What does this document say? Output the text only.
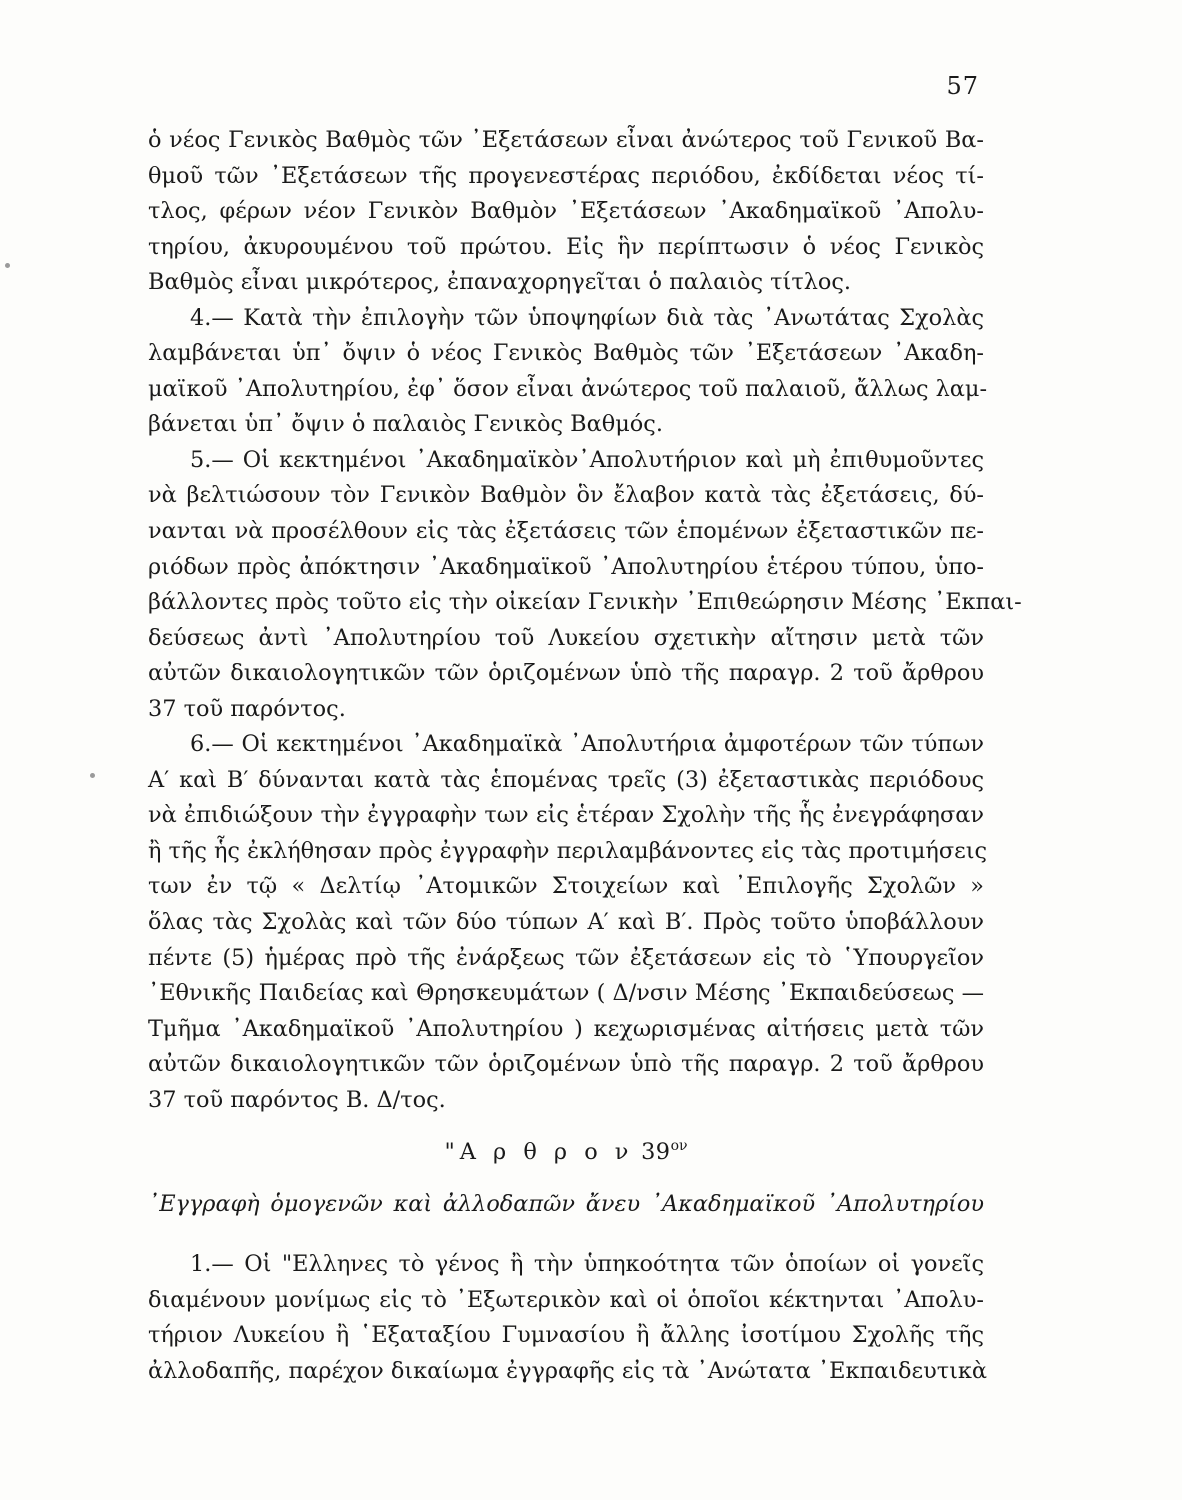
57
ὁ νέος Γενικὸς Βαθμὸς τῶν ᾿Εξετάσεων εἶναι ἀνώτερος τοῦ Γενικοῦ Βα-
θμοῦ τῶν ᾿Εξετάσεων τῆς προγενεστέρας περιόδου, ἐκδίδεται νέος τί-
τλος, φέρων νέον Γενικὸν Βαθμὸν ᾿Εξετάσεων ᾿Ακαδημαϊκοῦ ᾿Απολυ-
τηρίου, ἀκυρουμένου τοῦ πρώτου. Εἰς ἣν περίπτωσιν ὁ νέος Γενικὸς
Βαθμὸς εἶναι μικρότερος, ἐπαναχορηγεῖται ὁ παλαιὸς τίτλος.
4.— Κατὰ τὴν ἐπιλογὴν τῶν ὑποψηφίων διὰ τὰς ᾿Ανωτάτας Σχολὰς
λαμβάνεται ὑπ᾿ ὄψιν ὁ νέος Γενικὸς Βαθμὸς τῶν ᾿Εξετάσεων ᾿Ακαδη-
μαϊκοῦ ᾿Απολυτηρίου, ἐφ᾿ ὅσον εἶναι ἀνώτερος τοῦ παλαιοῦ, ἄλλως λαμ-
βάνεται ὑπ᾿ ὄψιν ὁ παλαιὸς Γενικὸς Βαθμός.
5.— Οἱ κεκτημένοι ᾿Ακαδημαϊκὸν᾿Απολυτήριον καὶ μὴ ἐπιθυμοῦντες
νὰ βελτιώσουν τὸν Γενικὸν Βαθμὸν ὃν ἔλαβον κατὰ τὰς ἐξετάσεις, δύ-
νανται νὰ προσέλθουν εἰς τὰς ἐξετάσεις τῶν ἑπομένων ἐξεταστικῶν πε-
ριόδων πρὸς ἀπόκτησιν ᾿Ακαδημαϊκοῦ ᾿Απολυτηρίου ἑτέρου τύπου, ὑπο-
βάλλοντες πρὸς τοῦτο εἰς τὴν οἰκείαν Γενικὴν ᾿Επιθεώρησιν Μέσης ᾿Εκπαι-
δεύσεως ἀντὶ ᾿Απολυτηρίου τοῦ Λυκείου σχετικὴν αἴτησιν μετὰ τῶν
αὐτῶν δικαιολογητικῶν τῶν ὁριζομένων ὑπὸ τῆς παραγρ. 2 τοῦ ἄρθρου
37 τοῦ παρόντος.
6.— Οἱ κεκτημένοι ᾿Ακαδημαϊκὰ ᾿Απολυτήρια ἀμφοτέρων τῶν τύπων
Α′ καὶ Β′ δύνανται κατὰ τὰς ἑπομένας τρεῖς (3) ἐξεταστικὰς περιόδους
νὰ ἐπιδιώξουν τὴν ἐγγραφὴν των εἰς ἑτέραν Σχολὴν τῆς ἧς ἐνεγράφησαν
ἢ τῆς ἧς ἐκλήθησαν πρὸς ἐγγραφὴν περιλαμβάνοντες εἰς τὰς προτιμήσεις
των ἐν τῷ « Δελτίῳ ᾿Ατομικῶν Στοιχείων καὶ ᾿Επιλογῆς Σχολῶν »
ὅλας τὰς Σχολὰς καὶ τῶν δύο τύπων Α′ καὶ Β′. Πρὸς τοῦτο ὑποβάλλουν
πέντε (5) ἡμέρας πρὸ τῆς ἐνάρξεως τῶν ἐξετάσεων εἰς τὸ ῾Υπουργεῖον
᾿Εθνικῆς Παιδείας καὶ Θρησκευμάτων ( Δ/νσιν Μέσης ᾿Εκπαιδεύσεως —
Τμῆμα ᾿Ακαδημαϊκοῦ ᾿Απολυτηρίου ) κεχωρισμένας αἰτήσεις μετὰ τῶν
αὐτῶν δικαιολογητικῶν τῶν ὁριζομένων ὑπὸ τῆς παραγρ. 2 τοῦ ἄρθρου
37 τοῦ παρόντος Β. Δ/τος.
"Α ρ θ ρ ο ν $39^{o\nu}$
᾿Εγγραφὴ ὁμογενῶν καὶ ἀλλοδαπῶν ἄνευ ᾿Ακαδημαϊκοῦ ᾿Απολυτηρίου
1.— Οἱ "Ελληνες τὸ γένος ἢ τὴν ὑπηκοότητα τῶν ὁποίων οἱ γονεῖς
διαμένουν μονίμως εἰς τὸ ᾿Εξωτερικὸν καὶ οἱ ὁποῖοι κέκτηνται ᾿Απολυ-
τήριον Λυκείου ἢ ῾Εξαταξίου Γυμνασίου ἢ ἄλλης ἰσοτίμου Σχολῆς τῆς
ἀλλοδαπῆς, παρέχον δικαίωμα ἐγγραφῆς εἰς τὰ ᾿Ανώτατα ᾿Εκπαιδευτικὰ
